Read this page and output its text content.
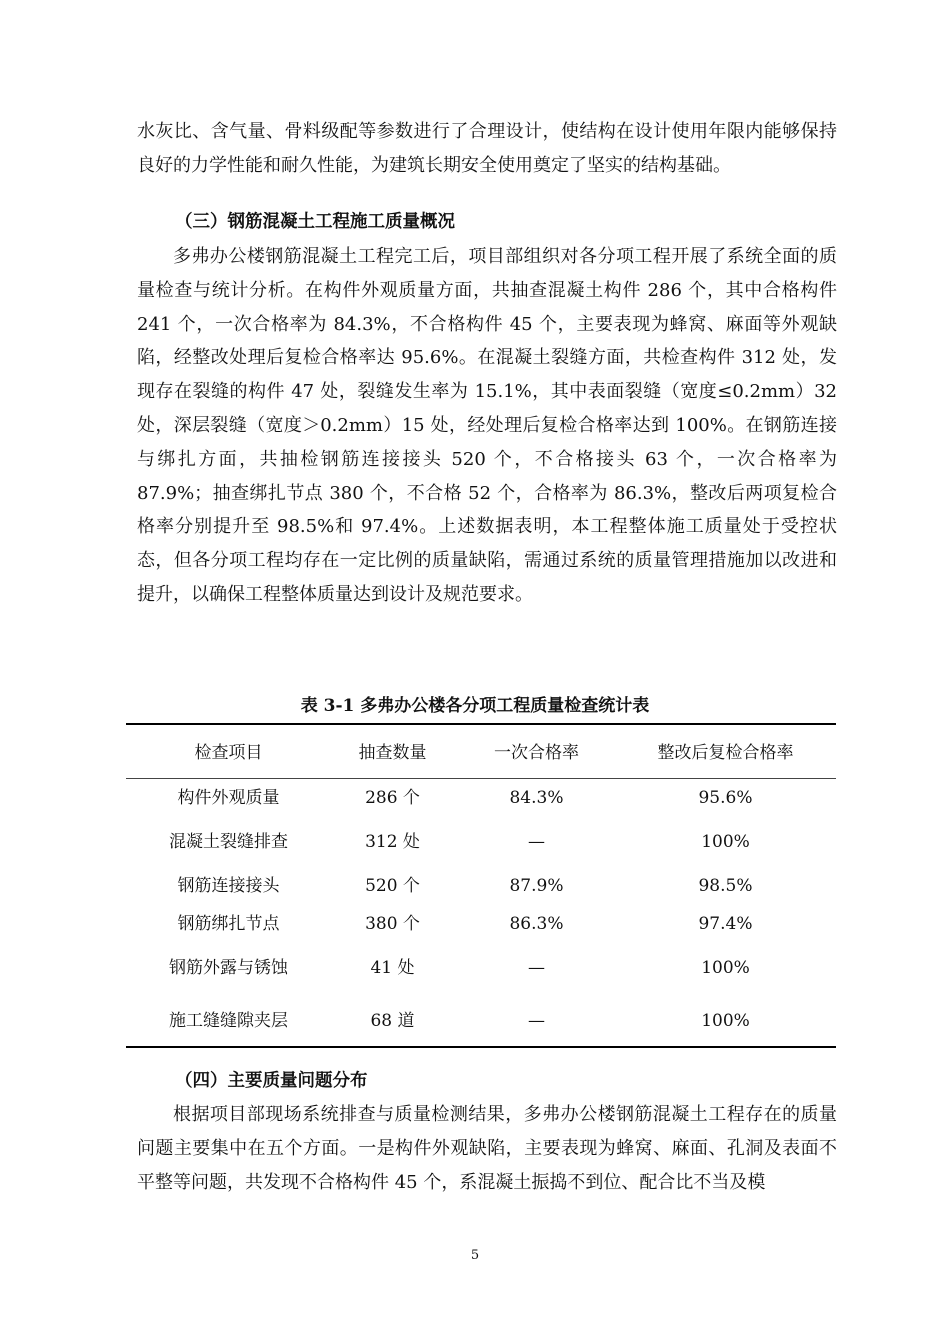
水灰比、含气量、骨料级配等参数进行了合理设计，使结构在设计使用年限内能够保持良好的力学性能和耐久性能，为建筑长期安全使用奠定了坚实的结构基础。

（三）钢筋混凝土工程施工质量概况

多弗办公楼钢筋混凝土工程完工后，项目部组织对各分项工程开展了系统全面的质量检查与统计分析。在构件外观质量方面，共抽查混凝土构件 286 个，其中合格构件 241 个，一次合格率为 84.3%，不合格构件 45 个，主要表现为蜂窝、麻面等外观缺陷，经整改处理后复检合格率达 95.6%。在混凝土裂缝方面，共检查构件 312 处，发现存在裂缝的构件 47 处，裂缝发生率为 15.1%，其中表面裂缝（宽度≤0.2mm）32 处，深层裂缝（宽度＞0.2mm）15 处，经处理后复检合格率达到 100%。在钢筋连接与绑扎方面，共抽检钢筋连接接头 520 个，不合格接头 63 个，一次合格率为 87.9%；抽查绑扎节点 380 个，不合格 52 个，合格率为 86.3%，整改后两项复检合格率分别提升至 98.5%和 97.4%。上述数据表明，本工程整体施工质量处于受控状态，但各分项工程均存在一定比例的质量缺陷，需通过系统的质量管理措施加以改进和提升，以确保工程整体质量达到设计及规范要求。

表 3-1 多弗办公楼各分项工程质量检查统计表
检查项目	抽查数量	一次合格率	整改后复检合格率
构件外观质量	286 个	84.3%	95.6%
混凝土裂缝排查	312 处	—	100%
钢筋连接接头	520 个	87.9%	98.5%
钢筋绑扎节点	380 个	86.3%	97.4%
钢筋外露与锈蚀	41 处	—	100%
施工缝缝隙夹层	68 道	—	100%

（四）主要质量问题分布

根据项目部现场系统排查与质量检测结果，多弗办公楼钢筋混凝土工程存在的质量问题主要集中在五个方面。一是构件外观缺陷，主要表现为蜂窝、麻面、孔洞及表面不平整等问题，共发现不合格构件 45 个，系混凝土振捣不到位、配合比不当及模

5
